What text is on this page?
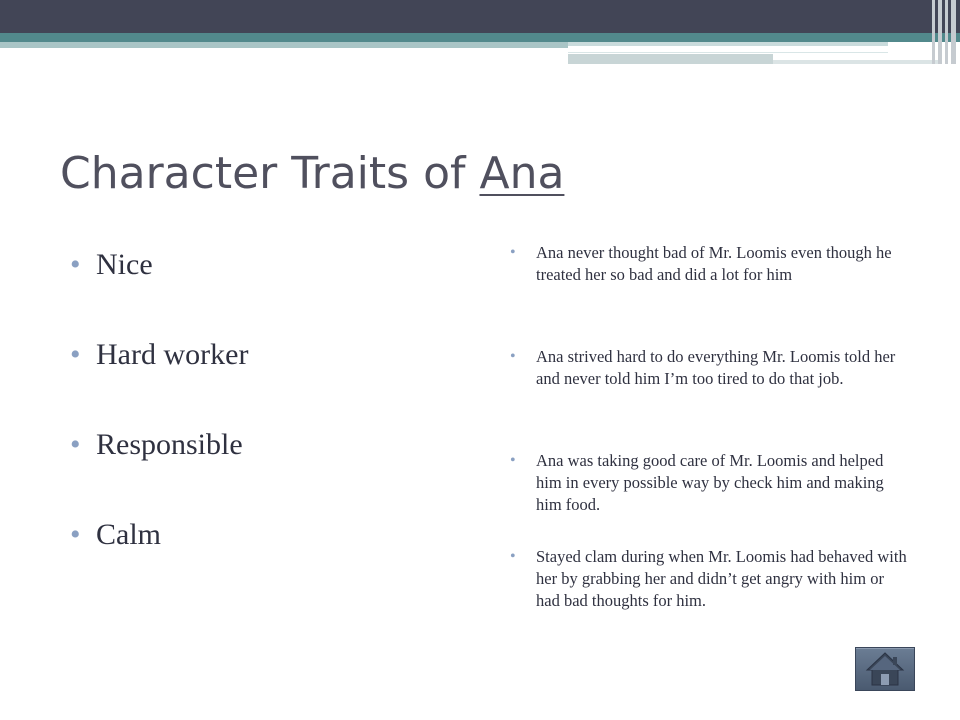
Character Traits of Ana
• Nice
• Hard worker
• Responsible
• Calm
• Ana never thought bad of Mr. Loomis even though he treated her so bad and did a lot for him
• Ana strived hard to do everything Mr. Loomis told her and never told him I’m too tired to do that job.
• Ana was taking good care of Mr. Loomis and helped him in every possible way by check him and making him food.
• Stayed clam during when Mr. Loomis had behaved with her by grabbing her and didn’t get angry with him or had bad thoughts for him.
